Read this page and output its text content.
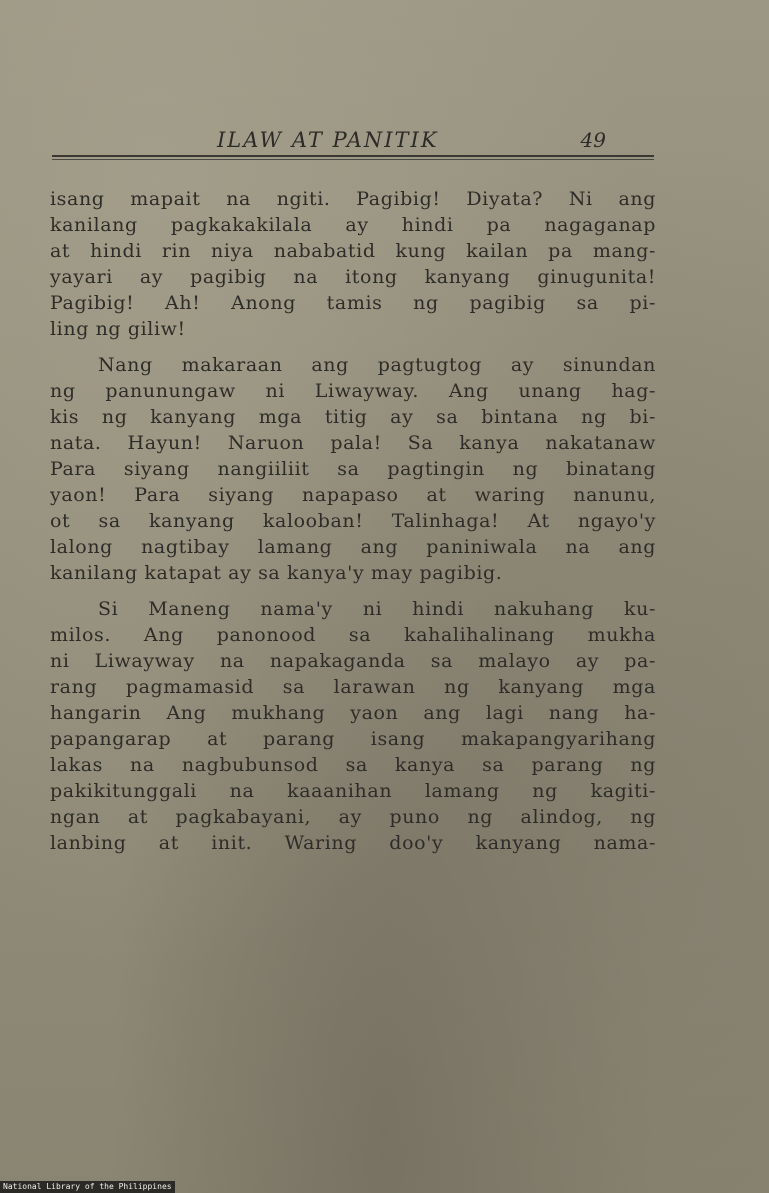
ILAW AT PANITIK	49
isang mapait na ngiti. Pagibig! Diyata? Ni ang
kanilang pagkakakilala ay hindi pa nagaganap
at hindi rin niya nababatid kung kailan pa mang-
yayari ay pagibig na itong kanyang ginugunita!
Pagibig! Ah! Anong tamis ng pagibig sa pi-
ling ng giliw!
Nang makaraan ang pagtugtog ay sinundan
ng panunungaw ni Liwayway. Ang unang hag-
kis ng kanyang mga titig ay sa bintana ng bi-
nata. Hayun! Naruon pala! Sa kanya nakatanaw
Para siyang nangiiliit sa pagtingin ng binatang
yaon! Para siyang napapaso at waring nanunu,
ot sa kanyang kalooban! Talinhaga! At ngayo'y
lalong nagtibay lamang ang paniniwala na ang
kanilang katapat ay sa kanya'y may pagibig.
Si Maneng nama'y ni hindi nakuhang ku-
milos. Ang panonood sa kahalihalinang mukha
ni Liwayway na napakaganda sa malayo ay pa-
rang pagmamasid sa larawan ng kanyang mga
hangarin Ang mukhang yaon ang lagi nang ha-
papangarap at parang isang makapangyarihang
lakas na nagbubunsod sa kanya sa parang ng
pakikitunggali na kaaanihan lamang ng kagiti-
ngan at pagkabayani, ay puno ng alindog, ng
lanbing at init. Waring doo'y kanyang nama-
National Library of the Philippines
